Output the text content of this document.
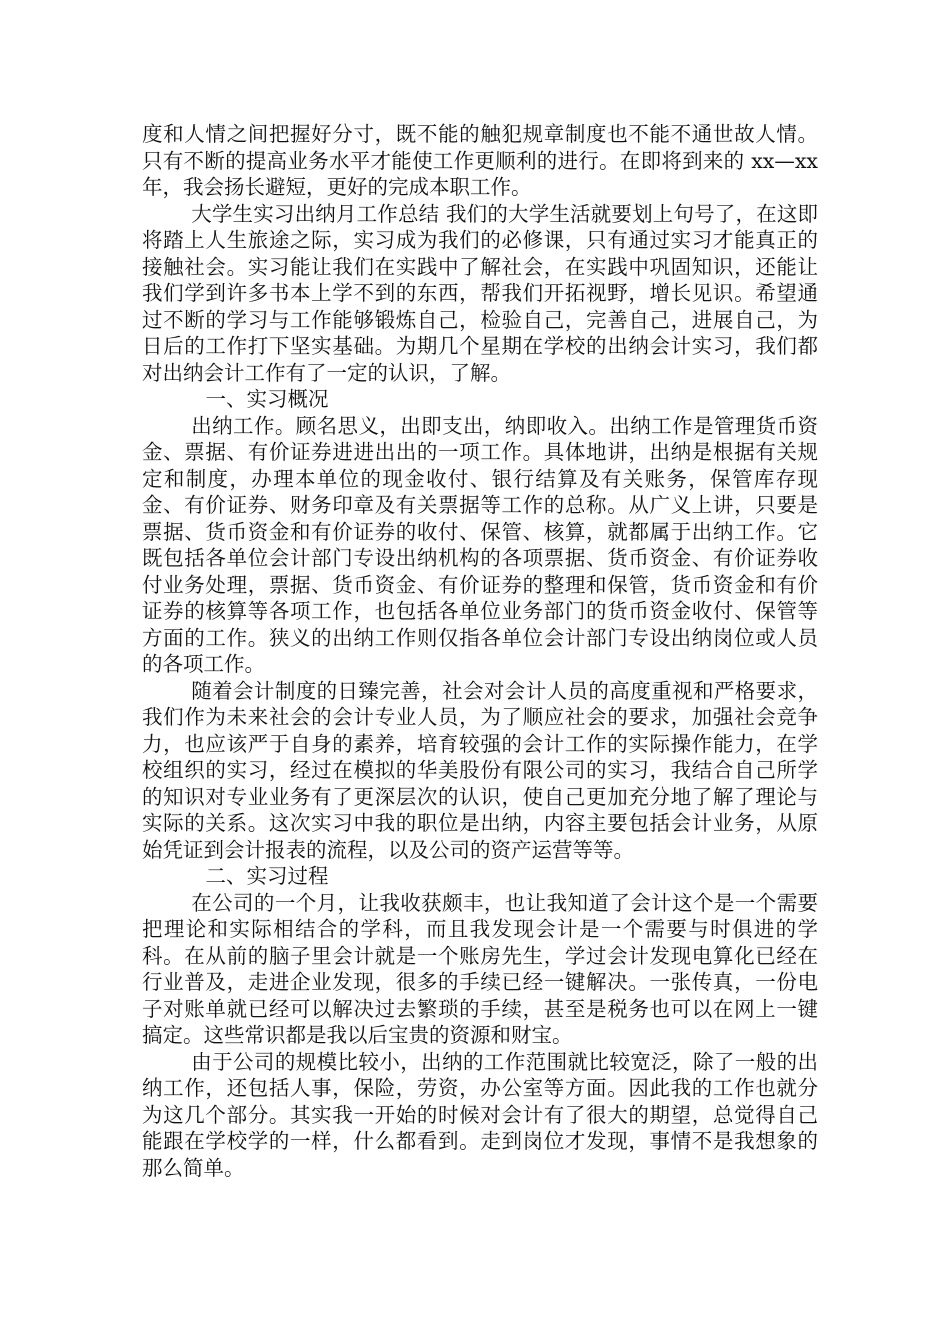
度和人情之间把握好分寸，既不能的触犯规章制度也不能不通世故人情。只有不断的提高业务水平才能使工作更顺利的进行。在即将到来的 xx—xx 年，我会扬长避短，更好的完成本职工作。

大学生实习出纳月工作总结 我们的大学生活就要划上句号了，在这即将踏上人生旅途之际，实习成为我们的必修课，只有通过实习才能真正的接触社会。实习能让我们在实践中了解社会，在实践中巩固知识，还能让我们学到许多书本上学不到的东西，帮我们开拓视野，增长见识。希望通过不断的学习与工作能够锻炼自己，检验自己，完善自己，进展自己，为日后的工作打下坚实基础。为期几个星期在学校的出纳会计实习，我们都对出纳会计工作有了一定的认识，了解。

一、实习概况

出纳工作。顾名思义，出即支出，纳即收入。出纳工作是管理货币资金、票据、有价证券进进出出的一项工作。具体地讲，出纳是根据有关规定和制度，办理本单位的现金收付、银行结算及有关账务，保管库存现金、有价证券、财务印章及有关票据等工作的总称。从广义上讲，只要是票据、货币资金和有价证券的收付、保管、核算，就都属于出纳工作。它既包括各单位会计部门专设出纳机构的各项票据、货币资金、有价证券收付业务处理，票据、货币资金、有价证券的整理和保管，货币资金和有价证券的核算等各项工作，也包括各单位业务部门的货币资金收付、保管等方面的工作。狭义的出纳工作则仅指各单位会计部门专设出纳岗位或人员的各项工作。

随着会计制度的日臻完善，社会对会计人员的高度重视和严格要求，我们作为未来社会的会计专业人员，为了顺应社会的要求，加强社会竞争力，也应该严于自身的素养，培育较强的会计工作的实际操作能力，在学校组织的实习，经过在模拟的华美股份有限公司的实习，我结合自己所学的知识对专业业务有了更深层次的认识，使自己更加充分地了解了理论与实际的关系。这次实习中我的职位是出纳，内容主要包括会计业务，从原始凭证到会计报表的流程，以及公司的资产运营等等。

二、实习过程

在公司的一个月，让我收获颇丰，也让我知道了会计这个是一个需要把理论和实际相结合的学科，而且我发现会计是一个需要与时俱进的学科。在从前的脑子里会计就是一个账房先生，学过会计发现电算化已经在行业普及，走进企业发现，很多的手续已经一键解决。一张传真，一份电子对账单就已经可以解决过去繁琐的手续，甚至是税务也可以在网上一键搞定。这些常识都是我以后宝贵的资源和财宝。

由于公司的规模比较小，出纳的工作范围就比较宽泛，除了一般的出纳工作，还包括人事，保险，劳资，办公室等方面。因此我的工作也就分为这几个部分。其实我一开始的时候对会计有了很大的期望，总觉得自己能跟在学校学的一样，什么都看到。走到岗位才发现，事情不是我想象的那么简单。
